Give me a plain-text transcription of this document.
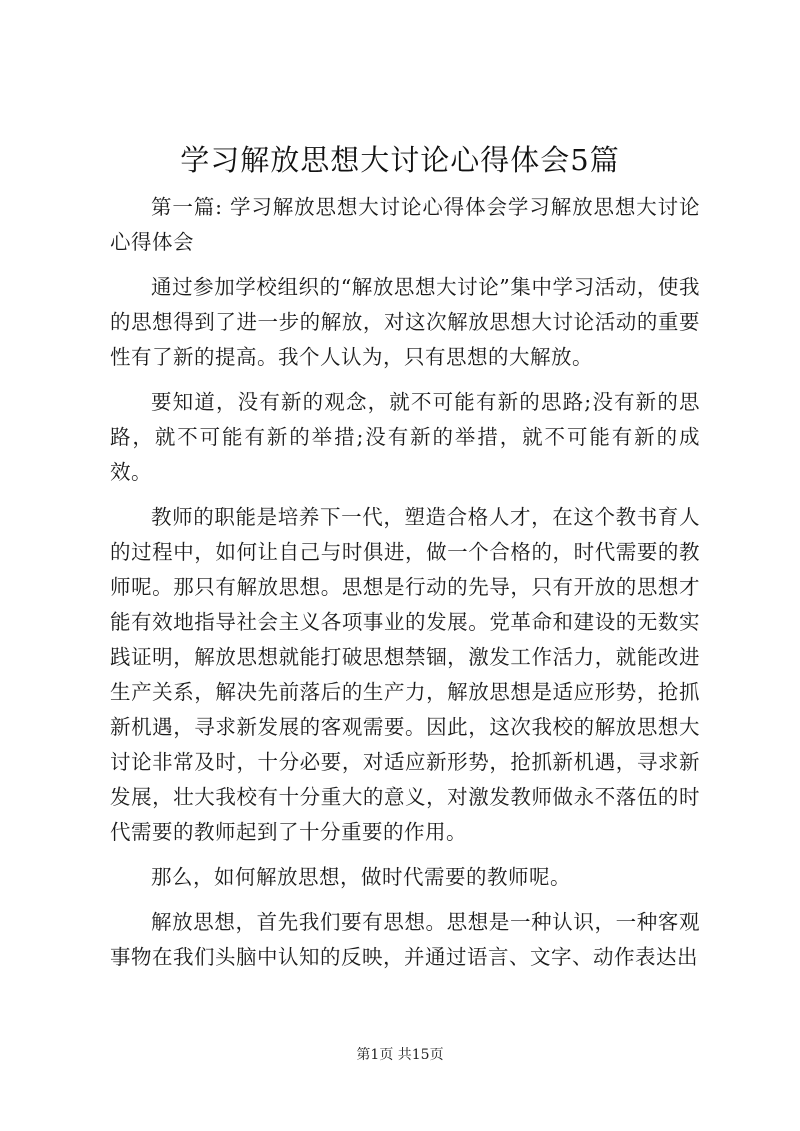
学习解放思想大讨论心得体会5篇

第一篇: 学习解放思想大讨论心得体会学习解放思想大讨论心得体会

通过参加学校组织的“解放思想大讨论”集中学习活动，使我的思想得到了进一步的解放，对这次解放思想大讨论活动的重要性有了新的提高。我个人认为，只有思想的大解放。

要知道，没有新的观念，就不可能有新的思路;没有新的思路，就不可能有新的举措;没有新的举措，就不可能有新的成效。

教师的职能是培养下一代，塑造合格人才，在这个教书育人的过程中，如何让自己与时俱进，做一个合格的，时代需要的教师呢。那只有解放思想。思想是行动的先导，只有开放的思想才能有效地指导社会主义各项事业的发展。党革命和建设的无数实践证明，解放思想就能打破思想禁锢，激发工作活力，就能改进生产关系，解决先前落后的生产力，解放思想是适应形势，抢抓新机遇，寻求新发展的客观需要。因此，这次我校的解放思想大讨论非常及时，十分必要，对适应新形势，抢抓新机遇，寻求新发展，壮大我校有十分重大的意义，对激发教师做永不落伍的时代需要的教师起到了十分重要的作用。

那么，如何解放思想，做时代需要的教师呢。

解放思想，首先我们要有思想。思想是一种认识，一种客观事物在我们头脑中认知的反映，并通过语言、文字、动作表达出

第1页 共15页
